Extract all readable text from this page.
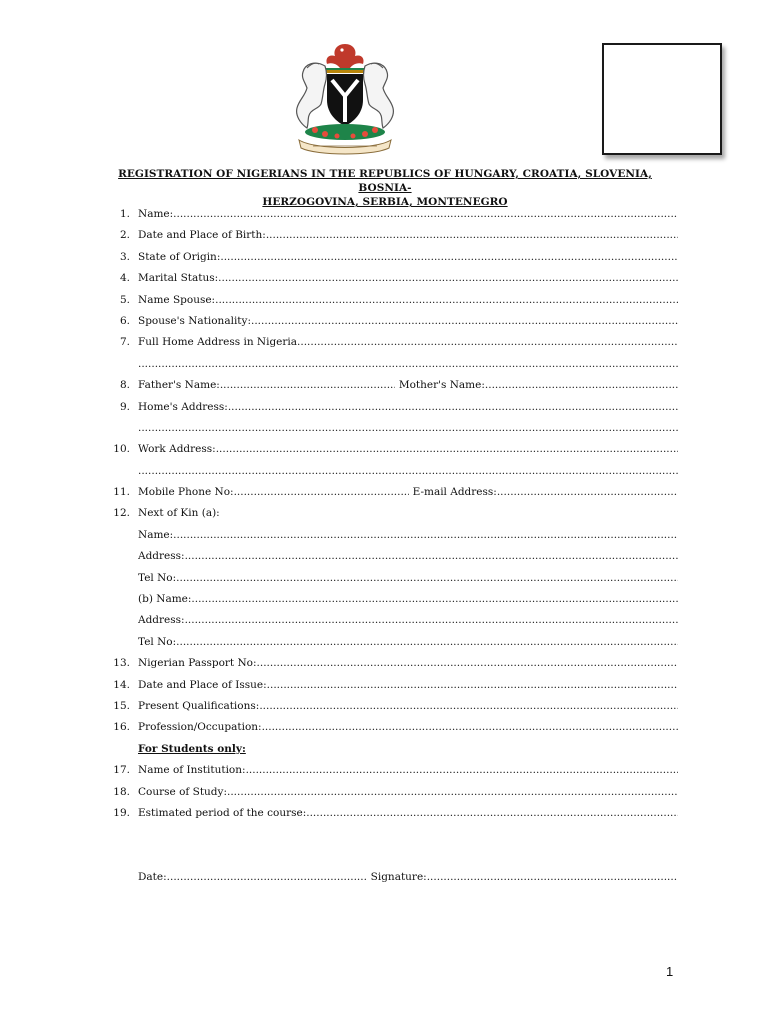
REGISTRATION OF NIGERIANS IN THE REPUBLICS OF HUNGARY, CROATIA, SLOVENIA, BOSNIA-
HERZOGOVINA, SERBIA, MONTENEGRO
1. Name:
.....
2. Date and Place of Birth:
.....
3. State of Origin:
.....
4. Marital Status:
.....
5. Name Spouse:
.....
6. Spouse's Nationality:
.....
7. Full Home Address in Nigeria
.....
.....
8. Father's Name: .....	Mother's Name:
.....
9. Home's Address:
.....
.....
10. Work Address:
.....
.....
11. Mobile Phone No: .....	E-mail Address:
.....
12. Next of Kin (a):
Name:
.....
Address:
.....
Tel No:
.....
(b) Name:
.....
Address:
.....
Tel No:
.....
13. Nigerian Passport No:
.....
14. Date and Place of Issue:
.....
15. Present Qualifications:
.....
16. Profession/Occupation:
.....
For Students only:
17. Name of Institution:
.....
18. Course of Study:
.....
19. Estimated period of the course:
.....
Date: .....	Signature:
.....
1
